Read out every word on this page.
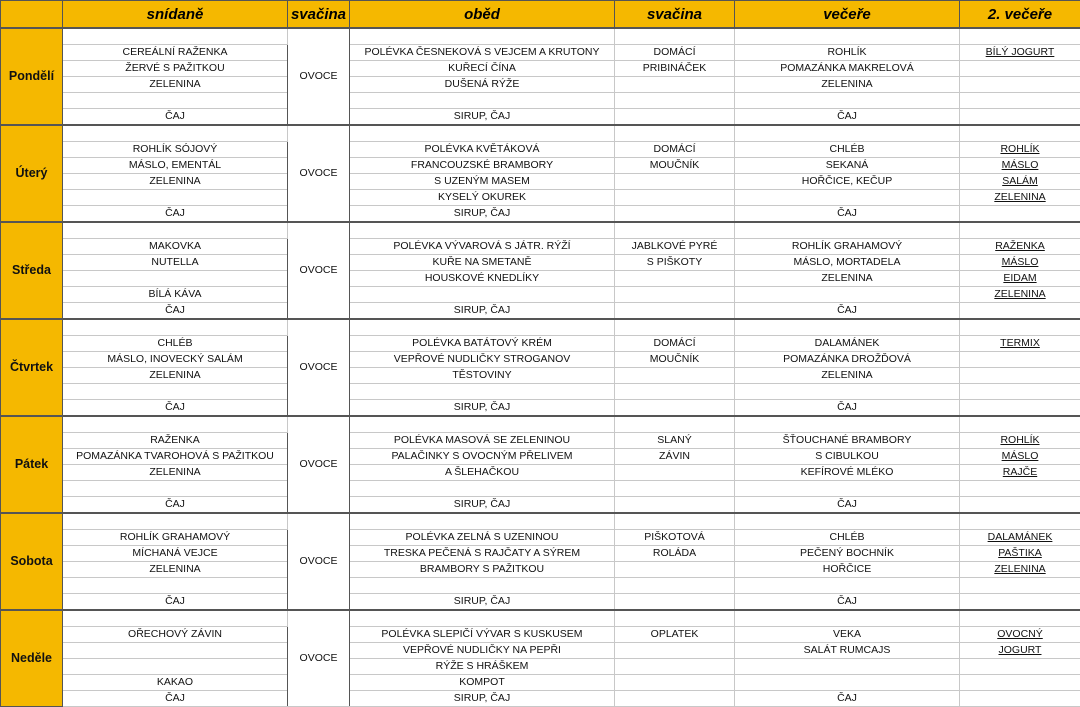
	snídaně	svačina	oběd	svačina	večeře	2. večeře
Pondělí		OVOCE				
	CEREÁLNÍ RAŽENKA		POLÉVKA ČESNEKOVÁ S VEJCEM A KRUTONY	DOMÁCÍ	ROHLÍK	BÍLÝ JOGURT
	ŽERVÉ S PAŽITKOU		KUŘECÍ ČÍNA	PRIBINÁČEK	POMAZÁNKA MAKRELOVÁ	
	ZELENINA		DUŠENÁ RÝŽE		ZELENINA	

	ČAJ		SIRUP, ČAJ		ČAJ	
Úterý		OVOCE				
	ROHLÍK SÓJOVÝ		POLÉVKA KVĚTÁKOVÁ	DOMÁCÍ	CHLÉB	ROHLÍK
	MÁSLO, EMENTÁL		FRANCOUZSKÉ BRAMBORY	MOUČNÍK	SEKANÁ	MÁSLO
	ZELENINA		S UZENÝM MASEM		HOŘČICE, KEČUP	SALÁM
			KYSELÝ OKUREK			ZELENINA
	ČAJ		SIRUP, ČAJ		ČAJ	
Středa		OVOCE				
	MAKOVKA		POLÉVKA VÝVAROVÁ S JÁTR. RÝŽÍ	JABLKOVÉ PYRÉ	ROHLÍK GRAHAMOVÝ	RAŽENKA
	NUTELLA		KUŘE NA SMETANĚ	S PIŠKOTY	MÁSLO, MORTADELA	MÁSLO
			HOUSKOVÉ KNEDLÍKY		ZELENINA	EIDAM
	BÍLÁ KÁVA					ZELENINA
	ČAJ		SIRUP, ČAJ		ČAJ	
Čtvrtek		OVOCE				
	CHLÉB		POLÉVKA BATÁTOVÝ KRÉM	DOMÁCÍ	DALAMÁNEK	TERMIX
	MÁSLO, INOVECKÝ SALÁM		VEPŘOVÉ NUDLIČKY STROGANOV	MOUČNÍK	POMAZÁNKA DROŽĎOVÁ	
	ZELENINA		TĚSTOVINY		ZELENINA	

	ČAJ		SIRUP, ČAJ		ČAJ	
Pátek		OVOCE				
	RAŽENKA		POLÉVKA MASOVÁ SE ZELENINOU	SLANÝ	ŠŤOUCHANÉ BRAMBORY	ROHLÍK
	POMAZÁNKA TVAROHOVÁ S PAŽITKOU		PALAČINKY S OVOCNÝM PŘELIVEM	ZÁVIN	S CIBULKOU	MÁSLO
	ZELENINA		A ŠLEHAČKOU		KEFÍROVÉ MLÉKO	RAJČE

	ČAJ		SIRUP, ČAJ		ČAJ	
Sobota		OVOCE				
	ROHLÍK GRAHAMOVÝ		POLÉVKA ZELNÁ S UZENINOU	PIŠKOTOVÁ	CHLÉB	DALAMÁNEK
	MÍCHANÁ VEJCE		TRESKA PEČENÁ S RAJČATY A SÝREM	ROLÁDA	PEČENÝ BOCHNÍK	PAŠTIKA
	ZELENINA		BRAMBORY S PAŽITKOU		HOŘČICE	ZELENINA

	ČAJ		SIRUP, ČAJ		ČAJ	
Neděle		OVOCE				
	OŘECHOVÝ ZÁVIN		POLÉVKA SLEPIČÍ VÝVAR S KUSKUSEM	OPLATEK	VEKA	OVOCNÝ
			VEPŘOVÉ NUDLIČKY NA PEPŘI		SALÁT RUMCAJS	JOGURT
			RÝŽE S HRÁŠKEM			
	KAKAO		KOMPOT			
	ČAJ		SIRUP, ČAJ		ČAJ	
